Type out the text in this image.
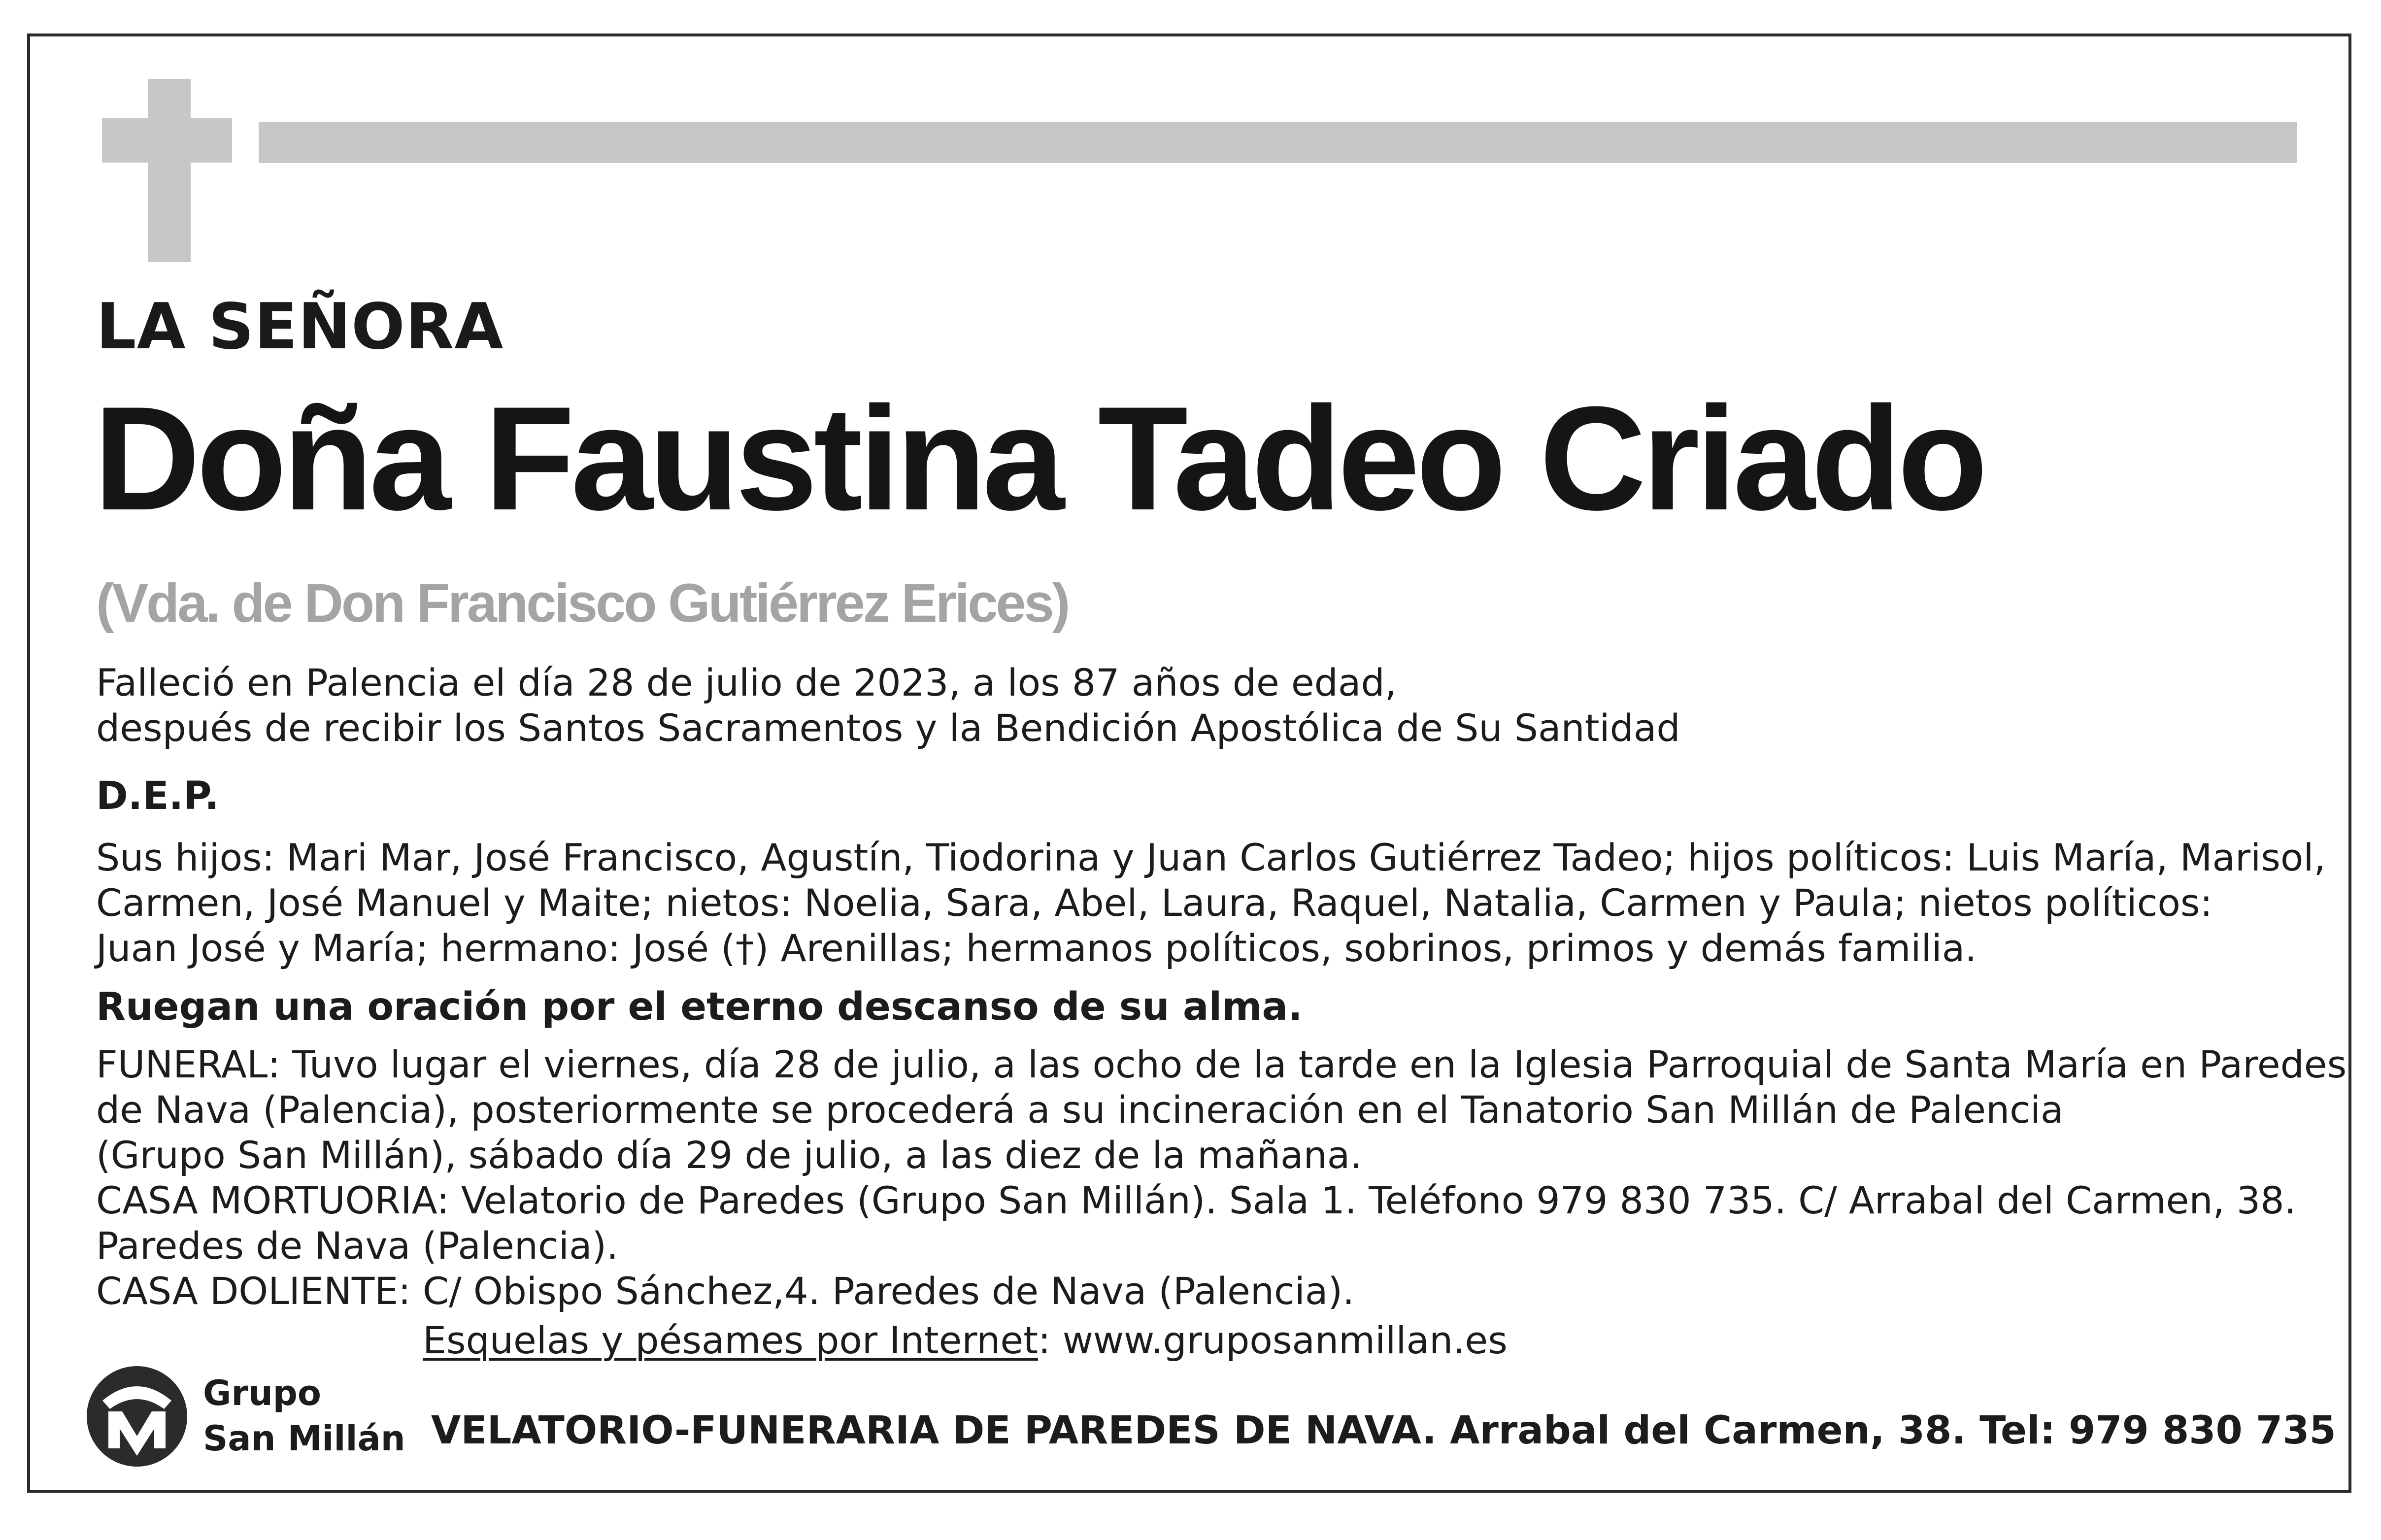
LA SEÑORA
Doña Faustina Tadeo Criado
(Vda. de Don Francisco Gutiérrez Erices)
Falleció en Palencia el día 28 de julio de 2023, a los 87 años de edad,
después de recibir los Santos Sacramentos y la Bendición Apostólica de Su Santidad
D.E.P.
Sus hijos: Mari Mar, José Francisco, Agustín, Tiodorina y Juan Carlos Gutiérrez Tadeo; hijos políticos: Luis María, Marisol,
Carmen, José Manuel y Maite; nietos: Noelia, Sara, Abel, Laura, Raquel, Natalia, Carmen y Paula; nietos políticos:
Juan José y María; hermano: José (†) Arenillas; hermanos políticos, sobrinos, primos y demás familia.
Ruegan una oración por el eterno descanso de su alma.
FUNERAL: Tuvo lugar el viernes, día 28 de julio, a las ocho de la tarde en la Iglesia Parroquial de Santa María en Paredes
de Nava (Palencia), posteriormente se procederá a su incineración en el Tanatorio San Millán de Palencia
(Grupo San Millán), sábado día 29 de julio, a las diez de la mañana.
CASA MORTUORIA: Velatorio de Paredes (Grupo San Millán). Sala 1. Teléfono 979 830 735. C/ Arrabal del Carmen, 38.
Paredes de Nava (Palencia).
CASA DOLIENTE: C/ Obispo Sánchez,4. Paredes de Nava (Palencia).
Esquelas y pésames por Internet: www.gruposanmillan.es
Grupo
San Millán VELATORIO-FUNERARIA DE PAREDES DE NAVA. Arrabal del Carmen, 38. Tel: 979 830 735
